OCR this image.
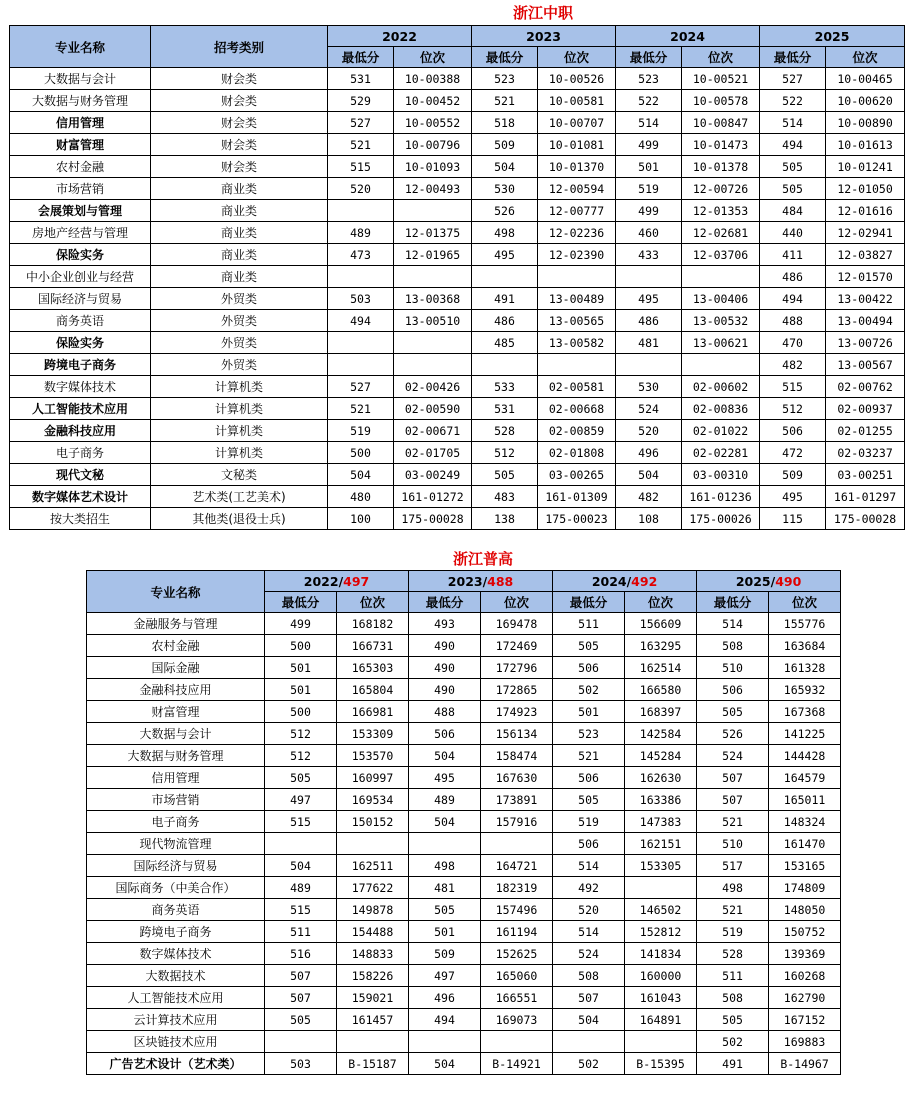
浙江中职
专业名称	招考类别	2022		2023		2024		2025	
		最低分	位次	最低分	位次	最低分	位次	最低分	位次
大数据与会计	财会类	531	10-00388	523	10-00526	523	10-00521	527	10-00465
大数据与财务管理	财会类	529	10-00452	521	10-00581	522	10-00578	522	10-00620
信用管理	财会类	527	10-00552	518	10-00707	514	10-00847	514	10-00890
财富管理	财会类	521	10-00796	509	10-01081	499	10-01473	494	10-01613
农村金融	财会类	515	10-01093	504	10-01370	501	10-01378	505	10-01241
市场营销	商业类	520	12-00493	530	12-00594	519	12-00726	505	12-01050
会展策划与管理	商业类			526	12-00777	499	12-01353	484	12-01616
房地产经营与管理	商业类	489	12-01375	498	12-02236	460	12-02681	440	12-02941
保险实务	商业类	473	12-01965	495	12-02390	433	12-03706	411	12-03827
中小企业创业与经营	商业类							486	12-01570
国际经济与贸易	外贸类	503	13-00368	491	13-00489	495	13-00406	494	13-00422
商务英语	外贸类	494	13-00510	486	13-00565	486	13-00532	488	13-00494
保险实务	外贸类			485	13-00582	481	13-00621	470	13-00726
跨境电子商务	外贸类							482	13-00567
数字媒体技术	计算机类	527	02-00426	533	02-00581	530	02-00602	515	02-00762
人工智能技术应用	计算机类	521	02-00590	531	02-00668	524	02-00836	512	02-00937
金融科技应用	计算机类	519	02-00671	528	02-00859	520	02-01022	506	02-01255
电子商务	计算机类	500	02-01705	512	02-01808	496	02-02281	472	02-03237
现代文秘	文秘类	504	03-00249	505	03-00265	504	03-00310	509	03-00251
数字媒体艺术设计	艺术类(工艺美术)	480	161-01272	483	161-01309	482	161-01236	495	161-01297
按大类招生	其他类(退役士兵)	100	175-00028	138	175-00023	108	175-00026	115	175-00028
浙江普高
专业名称	2022/497		2023/488		2024/492		2025/490	
	最低分	位次	最低分	位次	最低分	位次	最低分	位次
金融服务与管理	499	168182	493	169478	511	156609	514	155776
农村金融	500	166731	490	172469	505	163295	508	163684
国际金融	501	165303	490	172796	506	162514	510	161328
金融科技应用	501	165804	490	172865	502	166580	506	165932
财富管理	500	166981	488	174923	501	168397	505	167368
大数据与会计	512	153309	506	156134	523	142584	526	141225
大数据与财务管理	512	153570	504	158474	521	145284	524	144428
信用管理	505	160997	495	167630	506	162630	507	164579
市场营销	497	169534	489	173891	505	163386	507	165011
电子商务	515	150152	504	157916	519	147383	521	148324
现代物流管理					506	162151	510	161470
国际经济与贸易	504	162511	498	164721	514	153305	517	153165
国际商务（中美合作）	489	177622	481	182319	492		498	174809
商务英语	515	149878	505	157496	520	146502	521	148050
跨境电子商务	511	154488	501	161194	514	152812	519	150752
数字媒体技术	516	148833	509	152625	524	141834	528	139369
大数据技术	507	158226	497	165060	508	160000	511	160268
人工智能技术应用	507	159021	496	166551	507	161043	508	162790
云计算技术应用	505	161457	494	169073	504	164891	505	167152
区块链技术应用							502	169883
广告艺术设计（艺术类）	503	B-15187	504	B-14921	502	B-15395	491	B-14967
